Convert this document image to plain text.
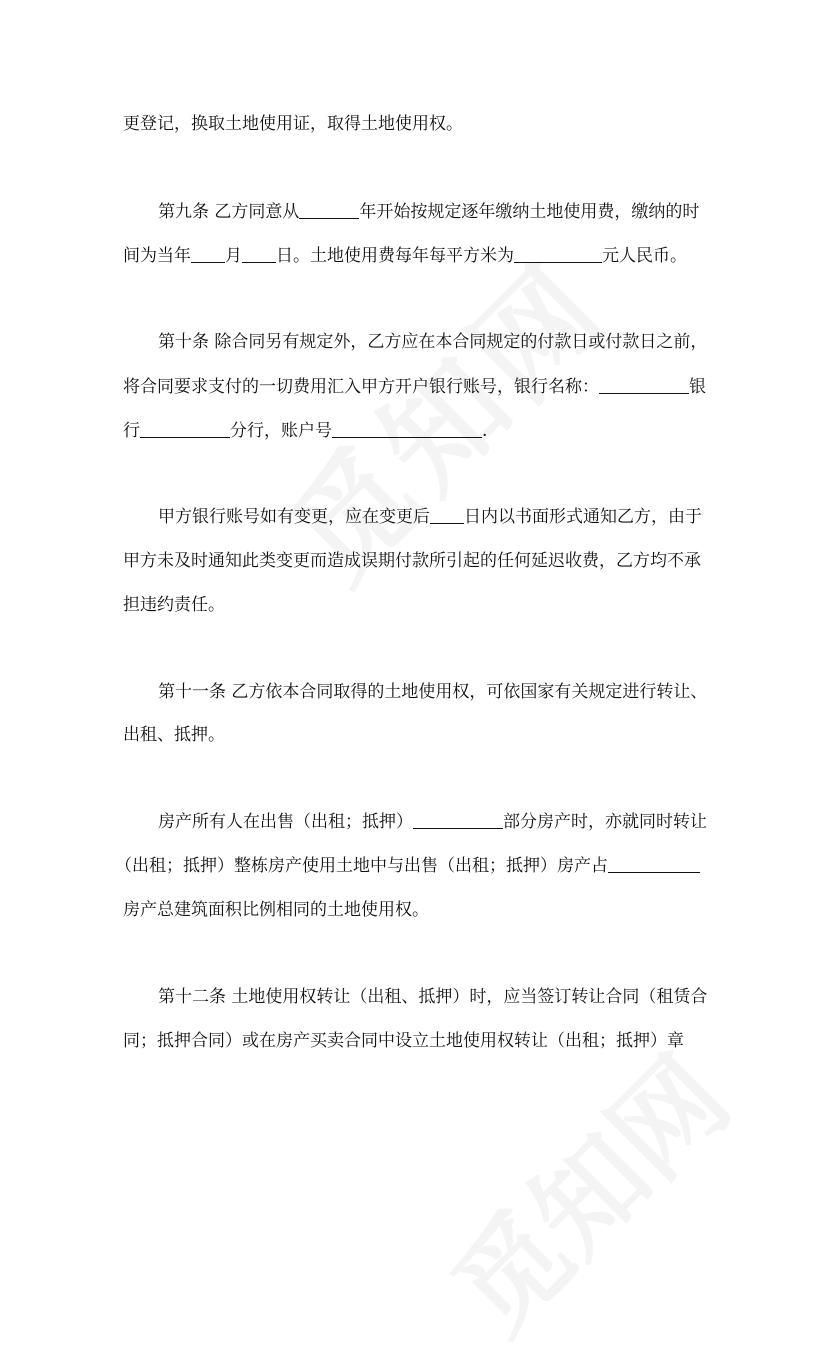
更登记，换取土地使用证，取得土地使用权。
第九条 乙方同意从	年开始按规定逐年缴纳土地使用费，缴纳的时
间为当年 月 日。土地使用费每年每平方米为	元人民币。
第十条 除合同另有规定外，乙方应在本合同规定的付款日或付款日之前，
将合同要求支付的一切费用汇入甲方开户银行账号，银行名称：	银
行	分行，账户号	.
甲方银行账号如有变更，应在变更后 日内以书面形式通知乙方，由于
甲方未及时通知此类变更而造成误期付款所引起的任何延迟收费，乙方均不承
担违约责任。
第十一条 乙方依本合同取得的土地使用权，可依国家有关规定进行转让、
出租、抵押。
房产所有人在出售（出租；抵押）	部分房产时，亦就同时转让
（出租；抵押）整栋房产使用土地中与出售（出租；抵押）房产占
房产总建筑面积比例相同的土地使用权。
第十二条 土地使用权转让（出租、抵押）时，应当签订转让合同（租赁合
同；抵押合同）或在房产买卖合同中设立土地使用权转让（出租；抵押）章
